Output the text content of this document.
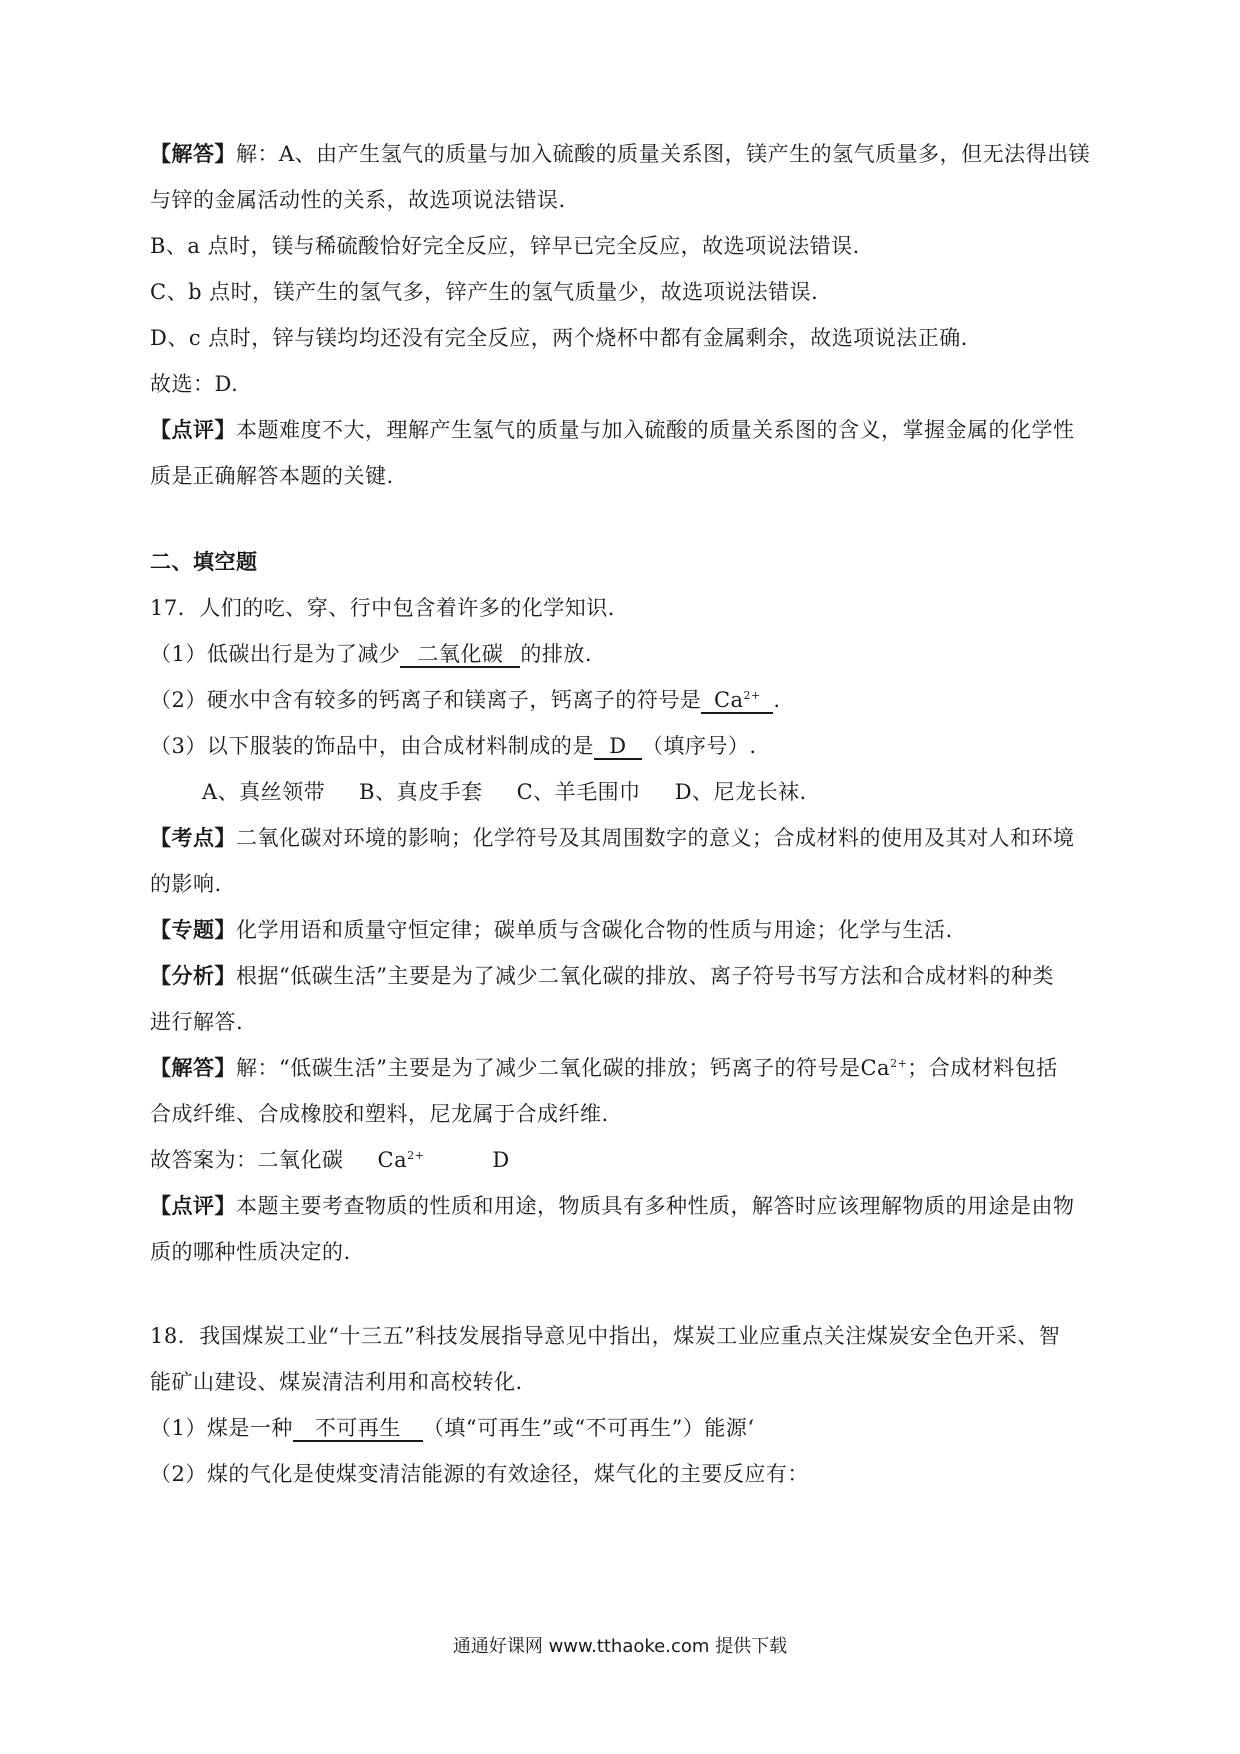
【解答】解：A、由产生氢气的质量与加入硫酸的质量关系图，镁产生的氢气质量多，但无法得出镁
与锌的金属活动性的关系，故选项说法错误.
B、a 点时，镁与稀硫酸恰好完全反应，锌早已完全反应，故选项说法错误.
C、b 点时，镁产生的氢气多，锌产生的氢气质量少，故选项说法错误.
D、c 点时，锌与镁均均还没有完全反应，两个烧杯中都有金属剩余，故选项说法正确.
故选：D.
【点评】本题难度不大，理解产生氢气的质量与加入硫酸的质量关系图的含义，掌握金属的化学性
质是正确解答本题的关键.
二、填空题
17．人们的吃、穿、行中包含着许多的化学知识.
（1）低碳出行是为了减少 二氧化碳 的排放.
（2）硬水中含有较多的钙离子和镁离子，钙离子的符号是 $Ca^{2+}$ .
（3）以下服装的饰品中，由合成材料制成的是 D （填序号）.
A、真丝领带 B、真皮手套 C、羊毛围巾 D、尼龙长袜.
【考点】二氧化碳对环境的影响；化学符号及其周围数字的意义；合成材料的使用及其对人和环境
的影响.
【专题】化学用语和质量守恒定律；碳单质与含碳化合物的性质与用途；化学与生活.
【分析】根据“低碳生活”主要是为了减少二氧化碳的排放、离子符号书写方法和合成材料的种类
进行解答.
【解答】解：“低碳生活”主要是为了减少二氧化碳的排放；钙离子的符号是$Ca^{2+}$；合成材料包括
合成纤维、合成橡胶和塑料，尼龙属于合成纤维.
故答案为：二氧化碳 $Ca^{2+}$	D
【点评】本题主要考查物质的性质和用途，物质具有多种性质，解答时应该理解物质的用途是由物
质的哪种性质决定的.
18．我国煤炭工业“十三五”科技发展指导意见中指出，煤炭工业应重点关注煤炭安全色开采、智
能矿山建设、煤炭清洁利用和高校转化.
（1）煤是一种 不可再生 （填“可再生”或“不可再生”）能源‘
（2）煤的气化是使煤变清洁能源的有效途径，煤气化的主要反应有：
通通好课网 www.tthaoke.com 提供下载
